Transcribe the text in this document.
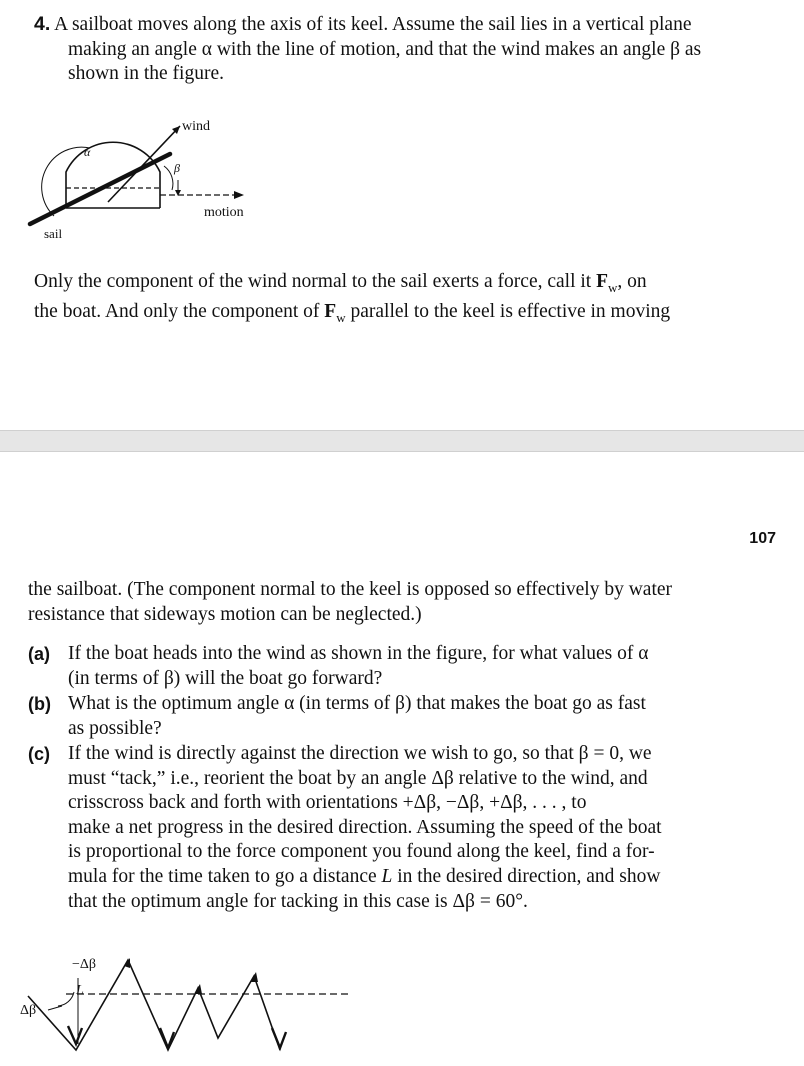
4. A sailboat moves along the axis of its keel. Assume the sail lies in a vertical plane
making an angle α with the line of motion, and that the wind makes an angle β as
shown in the figure.
wind
α
β
motion
sail
Only the component of the wind normal to the sail exerts a force, call it $F_w$, on
the boat. And only the component of $F_w$ parallel to the keel is effective in moving
107
the sailboat. (The component normal to the keel is opposed so effectively by water
resistance that sideways motion can be neglected.)
(a) If the boat heads into the wind as shown in the figure, for what values of α
(in terms of β) will the boat go forward?
(b) What is the optimum angle α (in terms of β) that makes the boat go as fast
as possible?
(c) If the wind is directly against the direction we wish to go, so that β = 0, we
must “tack,” i.e., reorient the boat by an angle Δβ relative to the wind, and
crisscross back and forth with orientations +Δβ, −Δβ, +Δβ, . . . , to
make a net progress in the desired direction. Assuming the speed of the boat
is proportional to the force component you found along the keel, find a for-
mula for the time taken to go a distance L in the desired direction, and show
that the optimum angle for tacking in this case is Δβ = 60°.
−Δβ
L
Δβ
